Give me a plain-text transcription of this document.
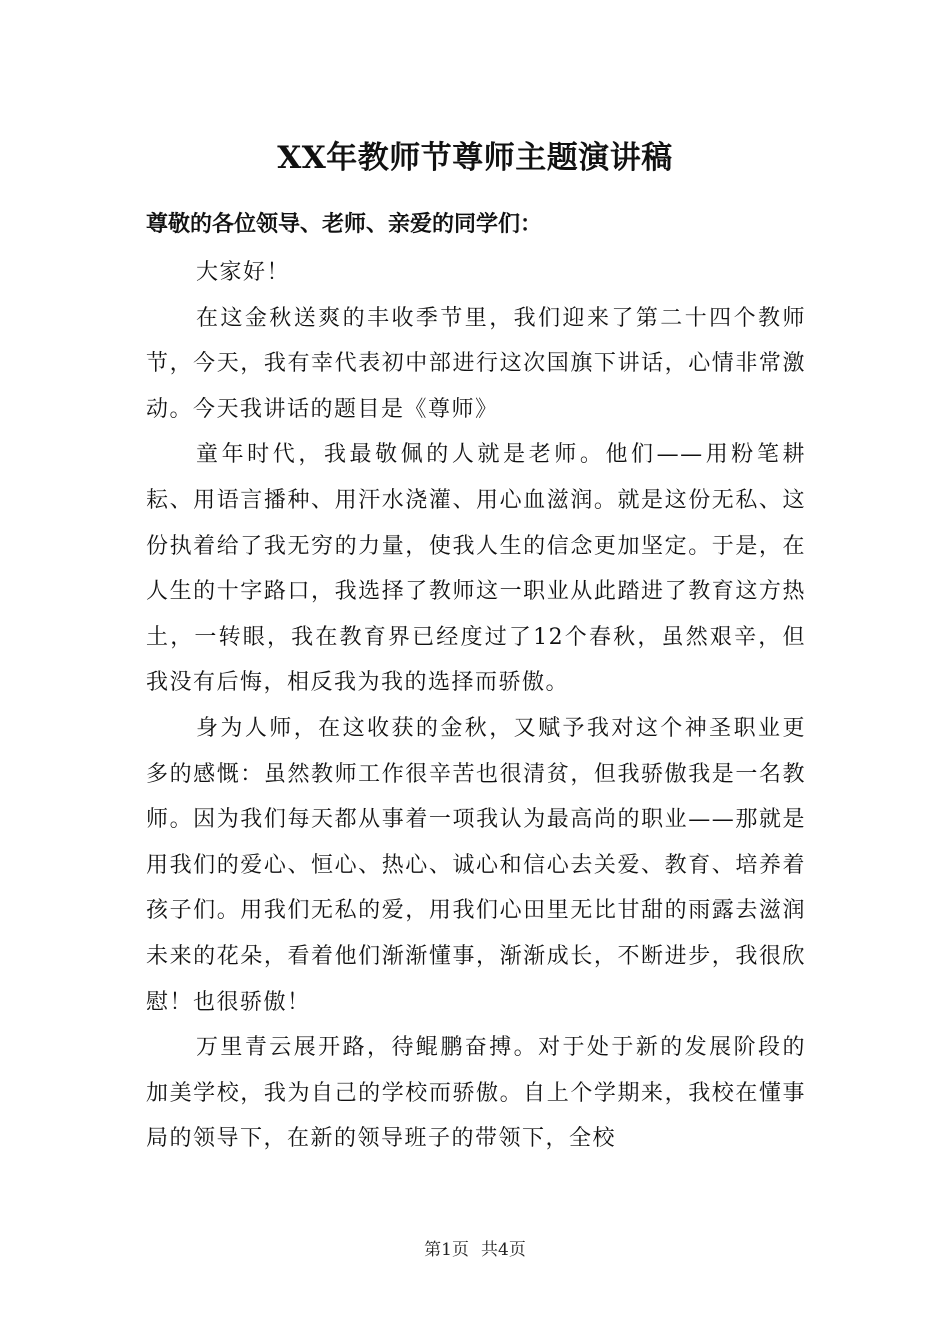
XX年教师节尊师主题演讲稿
尊敬的各位领导、老师、亲爱的同学们：

大家好！

在这金秋送爽的丰收季节里，我们迎来了第二十四个教师节，今天，我有幸代表初中部进行这次国旗下讲话，心情非常激动。今天我讲话的题目是《尊师》

童年时代，我最敬佩的人就是老师。他们——用粉笔耕耘、用语言播种、用汗水浇灌、用心血滋润。就是这份无私、这份执着给了我无穷的力量，使我人生的信念更加坚定。于是，在人生的十字路口，我选择了教师这一职业从此踏进了教育这方热土，一转眼，我在教育界已经度过了12个春秋，虽然艰辛，但我没有后悔，相反我为我的选择而骄傲。

身为人师，在这收获的金秋，又赋予我对这个神圣职业更多的感慨：虽然教师工作很辛苦也很清贫，但我骄傲我是一名教师。因为我们每天都从事着一项我认为最高尚的职业——那就是用我们的爱心、恒心、热心、诚心和信心去关爱、教育、培养着孩子们。用我们无私的爱，用我们心田里无比甘甜的雨露去滋润未来的花朵，看着他们渐渐懂事，渐渐成长，不断进步，我很欣慰！也很骄傲！

万里青云展开路，待鲲鹏奋搏。对于处于新的发展阶段的加美学校，我为自己的学校而骄傲。自上个学期来，我校在懂事局的领导下，在新的领导班子的带领下，全校

第1页 共4页
